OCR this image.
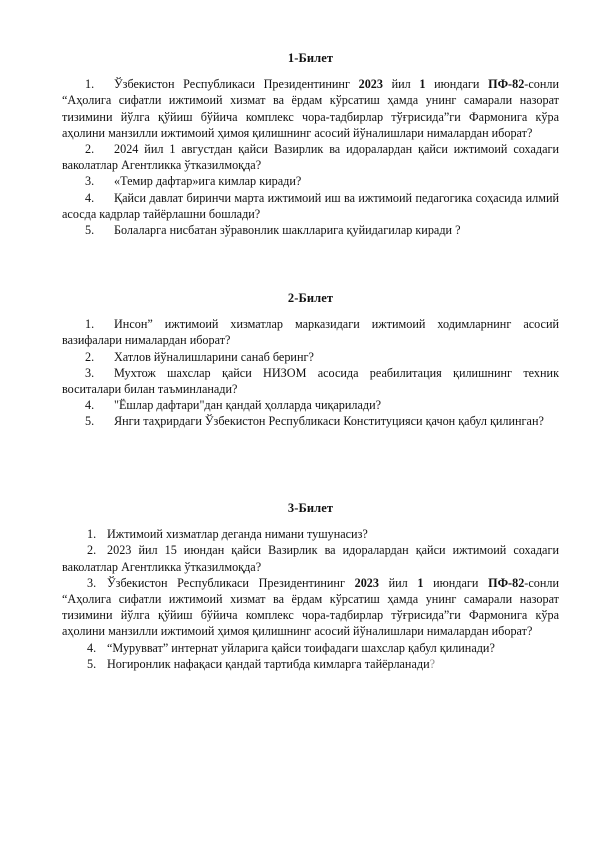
1-Билет

1. Ўзбекистон Республикаси Президентининг 2023 йил 1 июндаги ПФ-82-сонли “Аҳолига сифатли ижтимоий хизмат ва ёрдам кўрсатиш ҳамда унинг самарали назорат тизимини йўлга қўйиш бўйича комплекс чора-тадбирлар тўғрисида”ги Фармонига кўра аҳолини манзилли ижтимоий ҳимоя қилишнинг асосий йўналишлари нималардан иборат?

2. 2024 йил 1 августдан қайси Вазирлик ва идоралардан қайси ижтимоий сохадаги ваколатлар Агентликка ўтказилмоқда?

3. «Темир дафтар»ига кимлар киради?

4. Қайси давлат биринчи марта ижтимоий иш ва ижтимоий педагогика соҳасида илмий асосда кадрлар тайёрлашни бошлади?

5. Болаларга нисбатан зўравонлик шаклларига қуйидагилар киради ?

2-Билет

1. Инсон” ижтимоий хизматлар марказидаги ижтимоий ходимларнинг асосий вазифалари нималардан иборат?

2. Хатлов йўналишларини санаб беринг?

3. Мухтож шахслар қайси НИЗОМ асосида реабилитация қилишнинг техник воситалари билан таъминланади?

4. "Ёшлар дафтари"дан қандай ҳолларда чиқарилади?

5. Янги таҳрирдаги Ўзбекистон Республикаси Конституцияси қачон қабул қилинган?

3-Билет

1. Ижтимоий хизматлар деганда нимани тушунасиз?

2. 2023 йил 15 июндан қайси Вазирлик ва идоралардан қайси ижтимоий сохадаги ваколатлар Агентликка ўтказилмоқда?

3. Ўзбекистон Республикаси Президентининг 2023 йил 1 июндаги ПФ-82-сонли “Аҳолига сифатли ижтимоий хизмат ва ёрдам кўрсатиш ҳамда унинг самарали назорат тизимини йўлга қўйиш бўйича комплекс чора-тадбирлар тўғрисида”ги Фармонига кўра аҳолини манзилли ижтимоий ҳимоя қилишнинг асосий йўналишлари нималардан иборат?

4. “Мурувват” интернат уйларига қайси тоифадаги шахслар қабул қилинади?

5. Ногиронлик нафақаси қандай тартибда кимларга тайёрланади?
